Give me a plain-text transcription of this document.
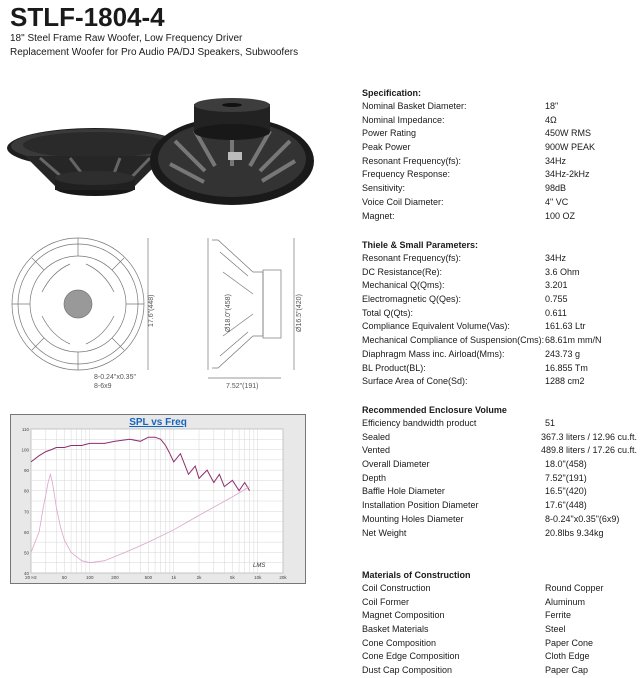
STLF-1804-4
18" Steel Frame Raw Woofer, Low Frequency Driver
Replacement Woofer for Pro Audio PA/DJ Speakers, Subwoofers
17.6"(448)
8-0.24"x0.35"
8-6x9
Ø18.0"(458)	Ø16.5"(420)
7.52"(191)
SPL vs Freq
110
100
90
80
70
60
50
40
20 Hz	50	100	200	500	1k	2k	5k	10k	20k
LMS
Specification:
Nominal Basket Diameter:	18"
Nominal Impedance:	4Ω
Power Rating	450W RMS
Peak Power	900W PEAK
Resonant Frequency(fs):	34Hz
Frequency Response:	34Hz-2kHz
Sensitivity:	98dB
Voice Coil Diameter:	4" VC
Magnet:	100 OZ
Thiele & Small Parameters:
Resonant Frequency(fs):	34Hz
DC Resistance(Re):	3.6 Ohm
Mechanical Q(Qms):	3.201
Electromagnetic Q(Qes):	0.755
Total Q(Qts):	0.611
Compliance Equivalent Volume(Vas):	161.63 Ltr
Mechanical Compliance of Suspension(Cms): 68.61m mm/N
Diaphragm Mass inc. Airload(Mms):	243.73 g
BL Product(BL):	16.855 Tm
Surface Area of Cone(Sd):	1288 cm2
Recommended Enclosure Volume
Efficiency bandwidth product	51
Sealed	367.3 liters / 12.96 cu.ft.
Vented	489.8 liters / 17.26 cu.ft.
Overall Diameter	18.0"(458)
Depth	7.52"(191)
Baffle Hole Diameter	16.5"(420)
Installation Position Diameter	17.6"(448)
Mounting Holes Diameter	8-0.24"x0.35"(6x9)
Net Weight	20.8lbs 9.34kg
Materials of Construction
Coil Construction	Round Copper
Coil Former	Aluminum
Magnet Composition	Ferrite
Basket Materials	Steel
Cone Composition	Paper Cone
Cone Edge Composition	Cloth Edge
Dust Cap Composition	Paper Cap
